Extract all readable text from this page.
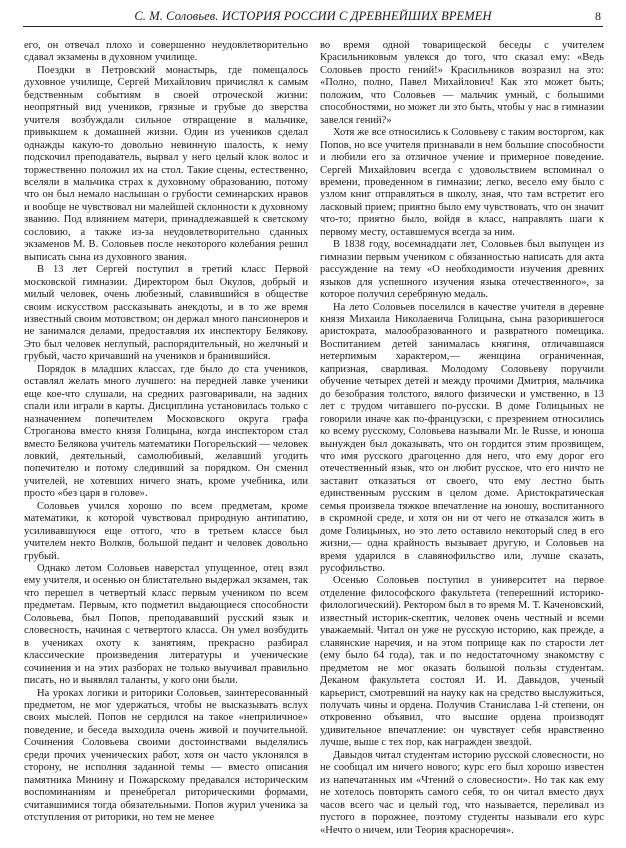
С. М. Соловьев. ИСТОРИЯ РОССИИ С ДРЕВНЕЙШИХ ВРЕМЕН	8

его, он отвечал плохо и совершенно неудовлетворительно сдавал экзамены в духовном училище.

Поездки в Петровский монастырь, где помещалось духовное училище, Сергей Михайлович причислял к самым бедственным событиям в своей отроческой жизни: неопрятный вид учеников, грязные и грубые до зверства учителя возбуждали сильное отвращение в мальчике, привыкшем к домашней жизни. Один из учеников сделал однажды какую-то довольно невинную шалость, к нему подскочил преподаватель, вырвал у него целый клок волос и торжественно положил их на стол. Такие сцены, естественно, вселяли в мальчика страх к духовному образованию, потому что он был немало наслышан о грубости семинарских нравов и вообще не чувствовал ни малейшей склонности к духовному званию. Под влиянием матери, принадлежавшей к светскому сословию, а также из-за неудовлетворительно сданных экзаменов М. В. Соловьев после некоторого колебания решил выписать сына из духовного звания.

В 13 лет Сергей поступил в третий класс Первой московской гимназии. Директором был Окулов, добрый и милый человек, очень любезный, славившийся в обществе своим искусством рассказывать анекдоты, и в то же время известный своим мотовством; он держал много пансионеров и не занимался делами, предоставляя их инспектору Белякову. Это был человек неглупый, распорядительный, но желчный и грубый, часто кричавший на учеников и бранившийся.

Порядок в младших классах, где было до ста учеников, оставлял желать много лучшего: на передней лавке ученики еще кое-что слушали, на средних разговаривали, на задних спали или играли в карты. Дисциплина установилась только с назначением попечителем Московского округа графа Строганова вместо князя Голицына, когда инспектором стал вместо Белякова учитель математики Погорельский — человек ловкий, деятельный, самолюбивый, желавший угодить попечителю и потому следивший за порядком. Он сменил учителей, не хотевших ничего знать, кроме учебника, или просто «без царя в голове».

Соловьев учился хорошо по всем предметам, кроме математики, к которой чувствовал природную антипатию, усиливавшуюся еще оттого, что в третьем классе был учителем некто Волков, большой педант и человек довольно грубый.

Однако летом Соловьев наверстал упущенное, отец взял ему учителя, и осенью он блистательно выдержал экзамен, так что перешел в четвертый класс первым учеником по всем предметам. Первым, кто подметил выдающиеся способности Соловьева, был Попов, преподававший русский язык и словесность, начиная с четвертого класса. Он умел возбудить в учениках охоту к занятиям, прекрасно разбирал классические произведения литературы и ученические сочинения и на этих разборах не только выучивал правильно писать, но и выявлял таланты, у кого они были.

На уроках логики и риторики Соловьев, заинтересованный предметом, не мог удержаться, чтобы не высказывать вслух своих мыслей. Попов не сердился на такое «неприличное» поведение, и беседа выходила очень живой и поучительной. Сочинения Соловьева своими достоинствами выделялись среди прочих ученических работ, хотя он часто уклонялся в сторону, не исполняя заданной темы — вместо описания памятника Минину и Пожарскому предавался историческим воспоминаниям и пренебрегал риторическими формами, считавшимися тогда обязательными. Попов журил ученика за отступления от риторики, но тем не менее

во время одной товарищеской беседы с учителем Красильниковым увлекся до того, что сказал ему: «Ведь Соловьев просто гений!» Красильников возразил на это: «Полно, полно, Павел Михайлович! Как это может быть; положим, что Соловьев — мальчик умный, с большими способностями, но может ли это быть, чтобы у нас в гимназии завелся гений?»

Хотя же все относились к Соловьеву с таким восторгом, как Попов, но все учителя признавали в нем большие способности и любили его за отличное учение и примерное поведение. Сергей Михайлович всегда с удовольствием вспоминал о времени, проведенном в гимназии; легко, весело ему было с узлом книг отправляться в школу, зная, что там встретит его ласковый прием; приятно было ему чувствовать, что он значит что-то; приятно было, войдя в класс, направлять шаги к первому месту, оставшемуся всегда за ним.

В 1838 году, восемнадцати лет, Соловьев был выпущен из гимназии первым учеником с обязанностью написать для акта рассуждение на тему «О необходимости изучения древних языков для успешного изучения языка отечественного», за которое получил серебряную медаль.

На лето Соловьев поселился в качестве учителя в деревне князя Михаила Николаевича Голицына, сына разорившегося аристократа, малообразованного и развратного помещика. Воспитанием детей занималась княгиня, отличавшаяся нетерпимым характером,— женщина ограниченная, капризная, сварливая. Молодому Соловьеву поручили обучение четырех детей и между прочими Дмитрия, мальчика до безобразия толстого, вялого физически и умственно, в 13 лет с трудом читавшего по-русски. В доме Голицыных не говорили иначе как по-французски, с презрением относились ко всему русскому, Соловьева называли Mr. le Russe, и юноша вынужден был доказывать, что он гордится этим прозвищем, что имя русского драгоценно для него, что ему дорог его отечественный язык, что он любит русское, что его ничто не заставит отказаться от своего, что ему лестно быть единственным русским в целом доме. Аристократическая семья произвела тяжкое впечатление на юношу, воспитанного в скромной среде, и хотя он ни от чего не отказался жить в доме Голицыных, но это лето оставило некоторый след в его жизни,— одна крайность вызывает другую, и Соловьев на время ударился в славянофильство или, лучше сказать, русофильство.

Осенью Соловьев поступил в университет на первое отделение философского факультета (теперешний историко-филологический). Ректором был в то время М. Т. Каченовский, известный историк-скептик, человек очень честный и всеми уважаемый. Читал он уже не русскую историю, как прежде, а славянские наречия, и на этом поприще как по старости лет (ему было 64 года), так и по недостаточному знакомству с предметом не мог оказать большой пользы студентам. Деканом факультета состоял И. И. Давыдов, ученый карьерист, смотревший на науку как на средство выслужиться, получать чины и ордена. Получив Станислава 1-й степени, он откровенно объявил, что высшие ордена производят удивительное впечатление: он чувствует себя нравственно лучше, выше с тех пор, как награжден звездой.

Давыдов читал студентам историю русской словесности, но не сообщал им ничего нового; курс его был хорошо известен из напечатанных им «Чтений о словесности». Но так как ему не хотелось повторять самого себя, то он читал вместо двух часов всего час и целый год, что называется, переливал из пустого в порожнее, поэтому студенты называли его курс «Нечто о ничем, или Теория красноречия».
